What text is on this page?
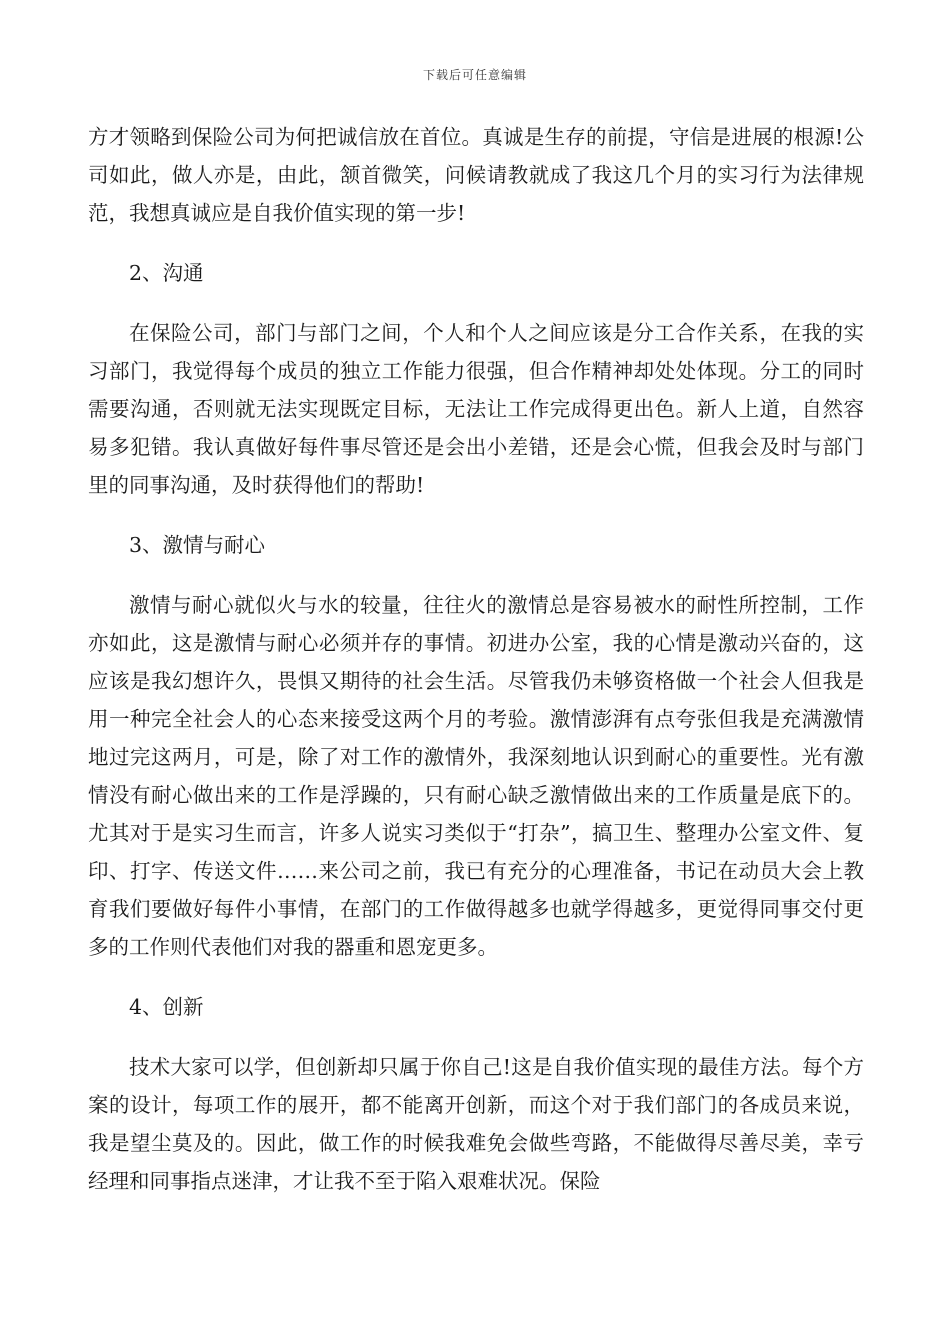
下载后可任意编辑

方才领略到保险公司为何把诚信放在首位。真诚是生存的前提，守信是进展的根源!公司如此，做人亦是，由此，颔首微笑，问候请教就成了我这几个月的实习行为法律规范，我想真诚应是自我价值实现的第一步!

2、沟通

在保险公司，部门与部门之间，个人和个人之间应该是分工合作关系，在我的实习部门，我觉得每个成员的独立工作能力很强，但合作精神却处处体现。分工的同时需要沟通，否则就无法实现既定目标，无法让工作完成得更出色。新人上道，自然容易多犯错。我认真做好每件事尽管还是会出小差错，还是会心慌，但我会及时与部门里的同事沟通，及时获得他们的帮助!

3、激情与耐心

激情与耐心就似火与水的较量，往往火的激情总是容易被水的耐性所控制，工作亦如此，这是激情与耐心必须并存的事情。初进办公室，我的心情是激动兴奋的，这应该是我幻想许久，畏惧又期待的社会生活。尽管我仍未够资格做一个社会人但我是用一种完全社会人的心态来接受这两个月的考验。激情澎湃有点夸张但我是充满激情地过完这两月，可是，除了对工作的激情外，我深刻地认识到耐心的重要性。光有激情没有耐心做出来的工作是浮躁的，只有耐心缺乏激情做出来的工作质量是底下的。尤其对于是实习生而言，许多人说实习类似于“打杂”，搞卫生、整理办公室文件、复印、打字、传送文件……来公司之前，我已有充分的心理准备，书记在动员大会上教育我们要做好每件小事情，在部门的工作做得越多也就学得越多，更觉得同事交付更多的工作则代表他们对我的器重和恩宠更多。

4、创新

技术大家可以学，但创新却只属于你自己!这是自我价值实现的最佳方法。每个方案的设计，每项工作的展开，都不能离开创新，而这个对于我们部门的各成员来说，我是望尘莫及的。因此，做工作的时候我难免会做些弯路，不能做得尽善尽美，幸亏经理和同事指点迷津，才让我不至于陷入艰难状况。保险
